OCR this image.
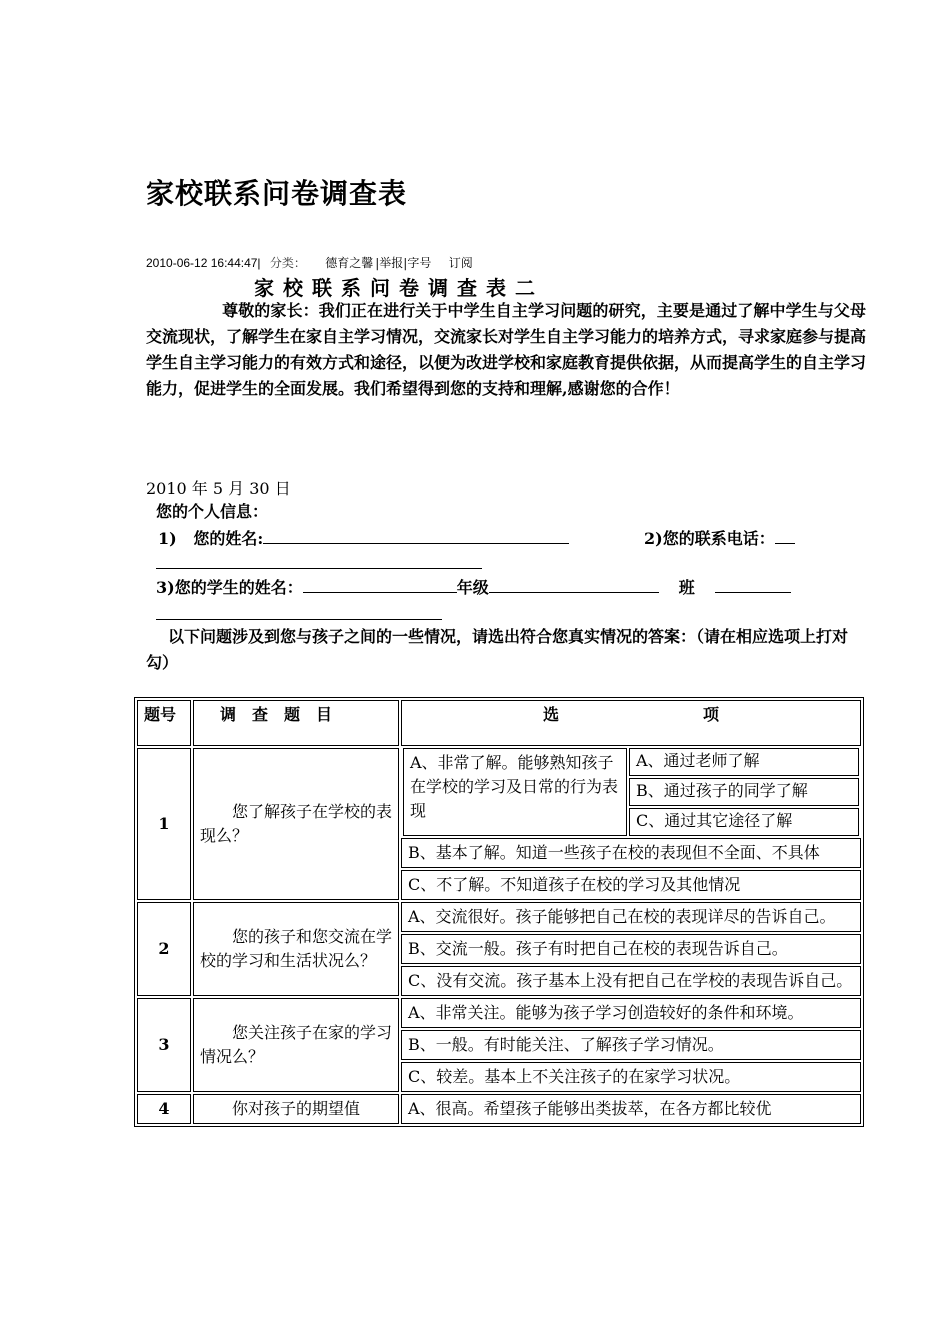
家校联系问卷调查表
2010-06-12 16:44:47| 分类： 德育之馨 |举报|字号 订阅
家校联系问卷调查表二
尊敬的家长：我们正在进行关于中学生自主学习问题的研究，主要是通过了解中学生与父母交流现状，了解学生在家自主学习情况，交流家长对学生自主学习能力的培养方式，寻求家庭参与提高学生自主学习能力的有效方式和途径，以便为改进学校和家庭教育提供依据，从而提高学生的自主学习能力，促进学生的全面发展。我们希望得到您的支持和理解,感谢您的合作！
2010 年 5 月 30 日
您的个人信息：
1)   您的姓名:	2)您的联系电话：
3)您的学生的姓名：	年级	班
以下问题涉及到您与孩子之间的一些情况，请选出符合您真实情况的答案：（请在相应选项上打对勾）
题号	调　查　题　目	选　　　　　　　　　项
1	您了解孩子在学校的表现么？	
A、非常了解。能够熟知孩子在学校的学习及日常的行为表现	
A、通过老师了解
B、通过孩子的同学了解
C、通过其它途径了解

B、基本了解。知道一些孩子在校的表现但不全面、不具体
C、不了解。不知道孩子在校的学习及其他情况
2	您的孩子和您交流在学校的学习和生活状况么？	A、交流很好。孩子能够把自己在校的表现详尽的告诉自己。
B、交流一般。孩子有时把自己在校的表现告诉自己。
C、没有交流。孩子基本上没有把自己在学校的表现告诉自己。
3	您关注孩子在家的学习情况么？	A、非常关注。能够为孩子学习创造较好的条件和环境。
B、一般。有时能关注、了解孩子学习情况。
C、较差。基本上不关注孩子的在家学习状况。
4	你对孩子的期望值	A、很高。希望孩子能够出类拔萃，在各方都比较优
